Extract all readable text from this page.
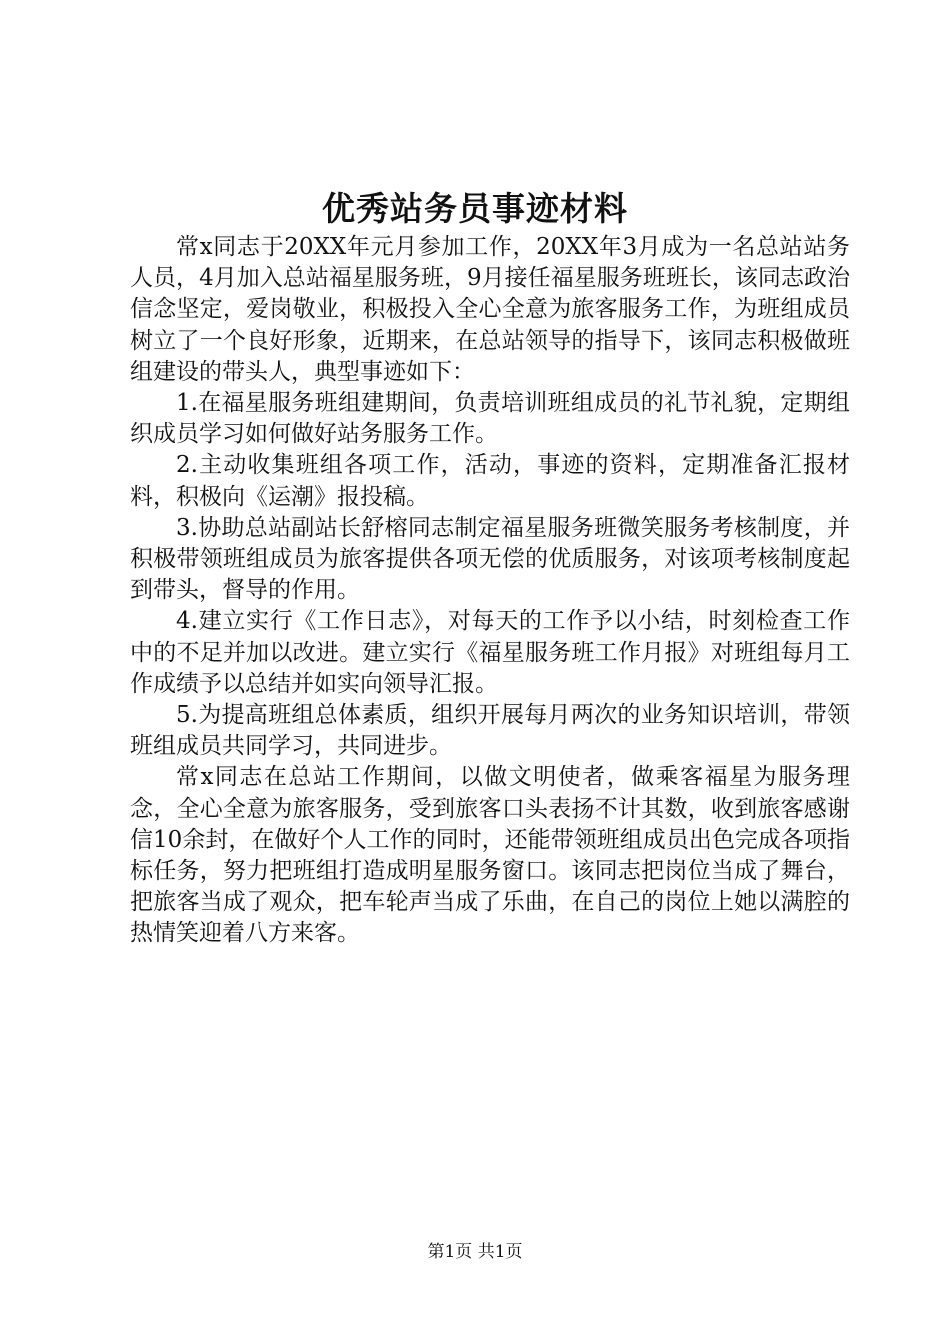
优秀站务员事迹材料

常x同志于20XX年元月参加工作，20XX年3月成为一名总站站务人员，4月加入总站福星服务班，9月接任福星服务班班长，该同志政治信念坚定，爱岗敬业，积极投入全心全意为旅客服务工作，为班组成员树立了一个良好形象，近期来，在总站领导的指导下，该同志积极做班组建设的带头人，典型事迹如下：

1.在福星服务班组建期间，负责培训班组成员的礼节礼貌，定期组织成员学习如何做好站务服务工作。

2.主动收集班组各项工作，活动，事迹的资料，定期准备汇报材料，积极向《运潮》报投稿。

3.协助总站副站长舒榕同志制定福星服务班微笑服务考核制度，并积极带领班组成员为旅客提供各项无偿的优质服务，对该项考核制度起到带头，督导的作用。

4.建立实行《工作日志》，对每天的工作予以小结，时刻检查工作中的不足并加以改进。建立实行《福星服务班工作月报》对班组每月工作成绩予以总结并如实向领导汇报。

5.为提高班组总体素质，组织开展每月两次的业务知识培训，带领班组成员共同学习，共同进步。

常x同志在总站工作期间，以做文明使者，做乘客福星为服务理念，全心全意为旅客服务，受到旅客口头表扬不计其数，收到旅客感谢信10余封，在做好个人工作的同时，还能带领班组成员出色完成各项指标任务，努力把班组打造成明星服务窗口。该同志把岗位当成了舞台，把旅客当成了观众，把车轮声当成了乐曲，在自己的岗位上她以满腔的热情笑迎着八方来客。

第1页 共1页
